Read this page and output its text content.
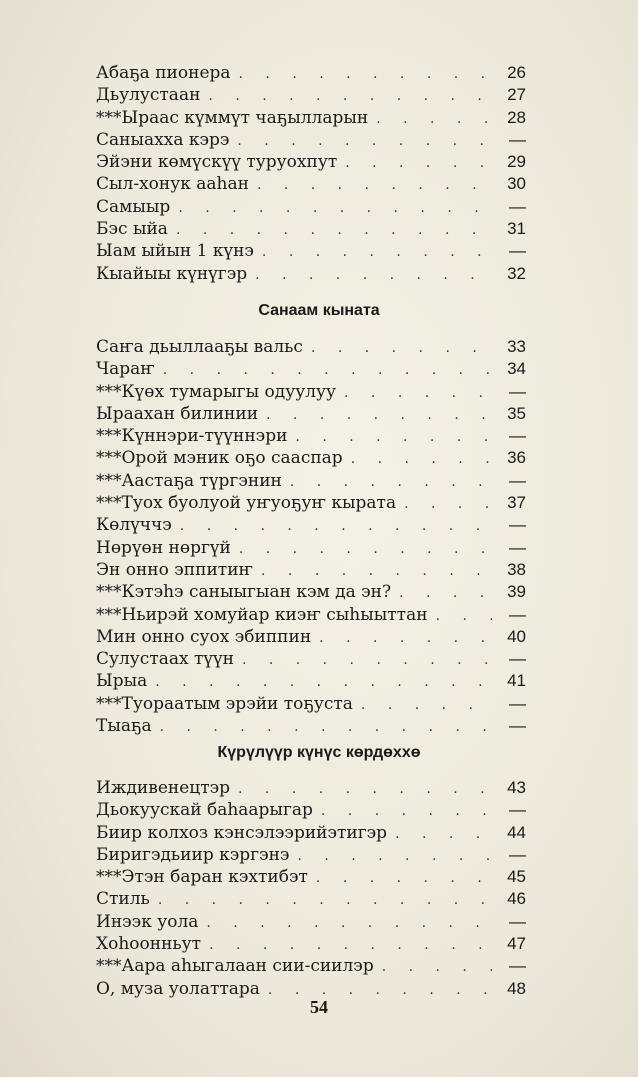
Абаҕа пионера . . .	26
Дьулустаан . . .	27
***Ыраас күммүт чаҕылларын . . .	28
Саныахха кэрэ . . .	—
Эйэни көмүскүү туруохпут . . .	29
Сыл-хонук ааһан . . .	30
Самыыр . . .	—
Бэс ыйа . . .	31
Ыам ыйын 1 күнэ . . .	—
Кыайыы күнүгэр . . .	32
Санаам кыната
Саҥа дьыллааҕы вальс . . .	33
Чараҥ . . .	34
***Күөх тумарыгы одуулуу . . .	—
Ыраахан билинии . . .	35
***Күннэри-түүннэри . . .	—
***Орой мэник оҕо сааспар . . .	36
***Аастаҕа түргэнин . . .	—
***Туох буолуой уҥуоҕуҥ кырата . . .	37
Көлүччэ . . .	—
Нөрүөн нөргүй . . .	—
Эн онно эппитиҥ . . .	38
***Кэтэһэ саныыгыан кэм да эн? . . .	39
***Ньирэй хомуйар киэҥ сыһыыттан . . .	—
Мин онно суох эбиппин . . .	40
Сулустаах түүн . . .	—
Ырыа . . .	41
***Туораатым эрэйи тоҕуста . . .	—
Тыаҕа . . .	—
Күрүлүүр күнүс көрдөххө
Иждивенецтэр . . .	43
Дьокуускай баһаарыгар . . .	—
Биир колхоз кэнсэлээрийэтигэр . . .	44
Биригэдьиир кэргэнэ . . .	—
***Этэн баран кэхтибэт . . .	45
Стиль . . .	46
Инээк уола . . .	—
Хоһоонньут . . .	47
***Аара аһыгалаан сии-сиилэр . . .	—
О, муза уолаттара . . .	48
54
